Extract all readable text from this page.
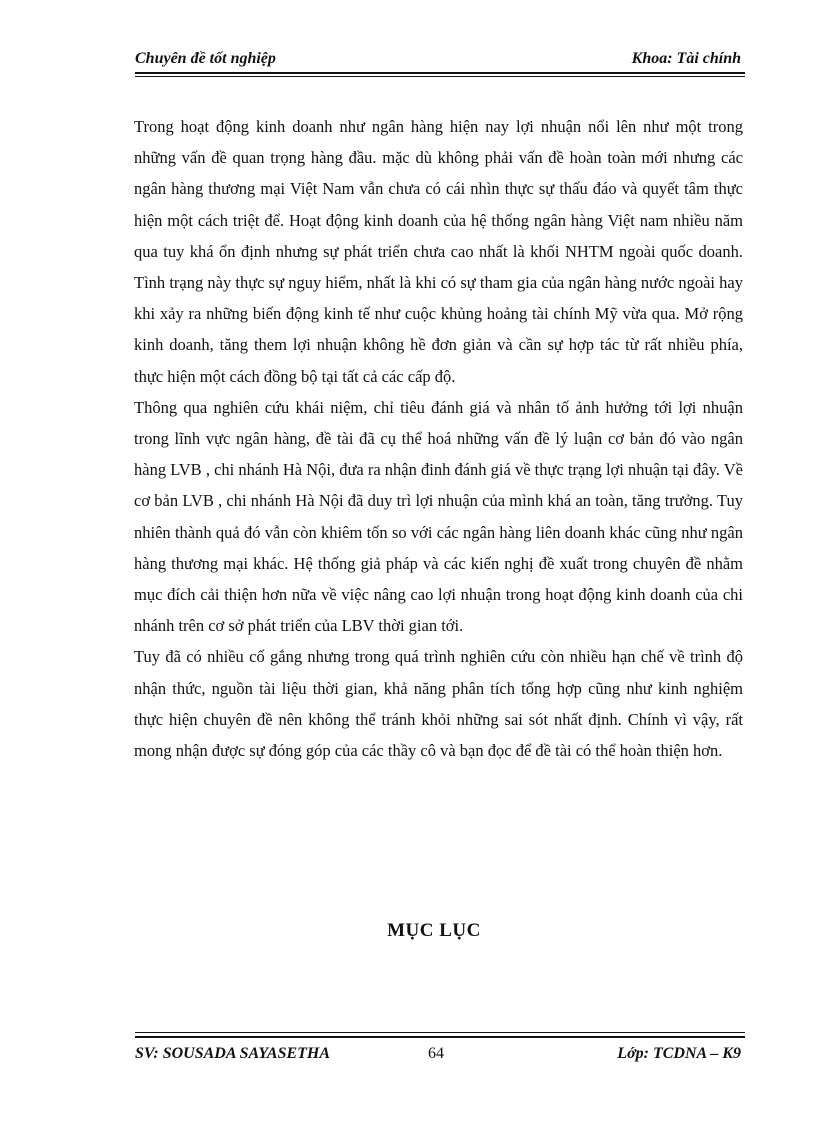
Chuyên đề tốt nghiệp	Khoa: Tài chính

Trong hoạt động kinh doanh như ngân hàng hiện nay lợi nhuận nổi lên như một trong những vấn đề quan trọng hàng đầu. mặc dù không phải vấn đề hoàn toàn mới nhưng các ngân hàng thương mại Việt Nam vẫn chưa có cái nhìn thực sự thấu đáo và quyết tâm thực hiện một cách triệt để. Hoạt động kinh doanh của hệ thống ngân hàng Việt nam nhiều năm qua tuy khá ổn định nhưng sự phát triển chưa cao nhất là khối NHTM ngoài quốc doanh. Tình trạng này thực sự nguy hiểm, nhất là khi có sự tham gia của ngân hàng nước ngoài hay khi xảy ra những biến động kinh tế như cuộc khủng hoảng tài chính Mỹ vừa qua. Mở rộng kinh doanh, tăng them lợi nhuận không hề đơn giản và cần sự hợp tác từ rất nhiều phía, thực hiện một cách đồng bộ tại tất cả các cấp độ.

Thông qua nghiên cứu khái niệm, chỉ tiêu đánh giá và nhân tố ảnh hưởng tới lợi nhuận trong lĩnh vực ngân hàng, đề tài đã cụ thể hoá những vấn đề lý luận cơ bản đó vào ngân hàng LVB , chi nhánh Hà Nội, đưa ra nhận đinh đánh giá về thực trạng lợi nhuận tại đây. Về cơ bản LVB , chi nhánh Hà Nội đã duy trì lợi nhuận của mình khá an toàn, tăng trưởng. Tuy nhiên thành quả đó vẫn còn khiêm tốn so với các ngân hàng liên doanh khác cũng như ngân hàng thương mại khác. Hệ thống giả pháp và các kiến nghị đề xuất trong chuyên đề nhằm mục đích cải thiện hơn nữa về việc nâng cao lợi nhuận trong hoạt động kinh doanh của chi nhánh trên cơ sở phát triển của LBV thời gian tới.

Tuy đã có nhiều cố gắng nhưng trong quá trình nghiên cứu còn nhiều hạn chế về trình độ nhận thức, nguồn tài liệu thời gian, khả năng phân tích tổng hợp cũng như kinh nghiệm thực hiện chuyên đề nên không thể tránh khỏi những sai sót nhất định. Chính vì vậy, rất mong nhận được sự đóng góp của các thầy cô và bạn đọc để đề tài có thể hoàn thiện hơn.

MỤC LỤC
SV: SOUSADA SAYASETHA	64	Lớp: TCDNA – K9
